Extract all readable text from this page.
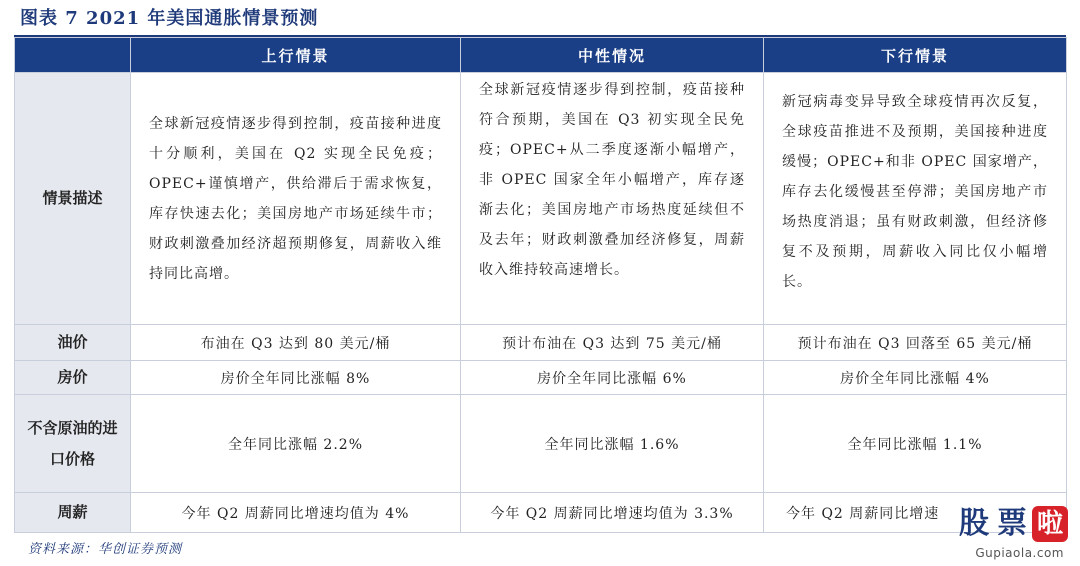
图表 7 2021 年美国通胀情景预测
	上行情景	中性情况	下行情景
情景描述	全球新冠疫情逐步得到控制，疫苗接种进度十分顺利，美国在 Q2 实现全民免疫；OPEC+谨慎增产，供给滞后于需求恢复，库存快速去化；美国房地产市场延续牛市；财政刺激叠加经济超预期修复，周薪收入维持同比高增。	全球新冠疫情逐步得到控制，疫苗接种符合预期，美国在 Q3 初实现全民免疫；OPEC+从二季度逐渐小幅增产，非 OPEC 国家全年小幅增产，库存逐渐去化；美国房地产市场热度延续但不及去年；财政刺激叠加经济修复，周薪收入维持较高速增长。	新冠病毒变异导致全球疫情再次反复，全球疫苗推进不及预期，美国接种进度缓慢；OPEC+和非 OPEC 国家增产，库存去化缓慢甚至停滞；美国房地产市场热度消退；虽有财政刺激，但经济修复不及预期，周薪收入同比仅小幅增长。
油价	布油在 Q3 达到 80 美元/桶	预计布油在 Q3 达到 75 美元/桶	预计布油在 Q3 回落至 65 美元/桶
房价	房价全年同比涨幅 8%	房价全年同比涨幅 6%	房价全年同比涨幅 4%
不含原油的进口价格	全年同比涨幅 2.2%	全年同比涨幅 1.6%	全年同比涨幅 1.1%
周薪	今年 Q2 周薪同比增速均值为 4%	今年 Q2 周薪同比增速均值为 3.3%	今年 Q2 周薪同比增速
资料来源：华创证券预测
股 票 啦
Gupiaola.com
